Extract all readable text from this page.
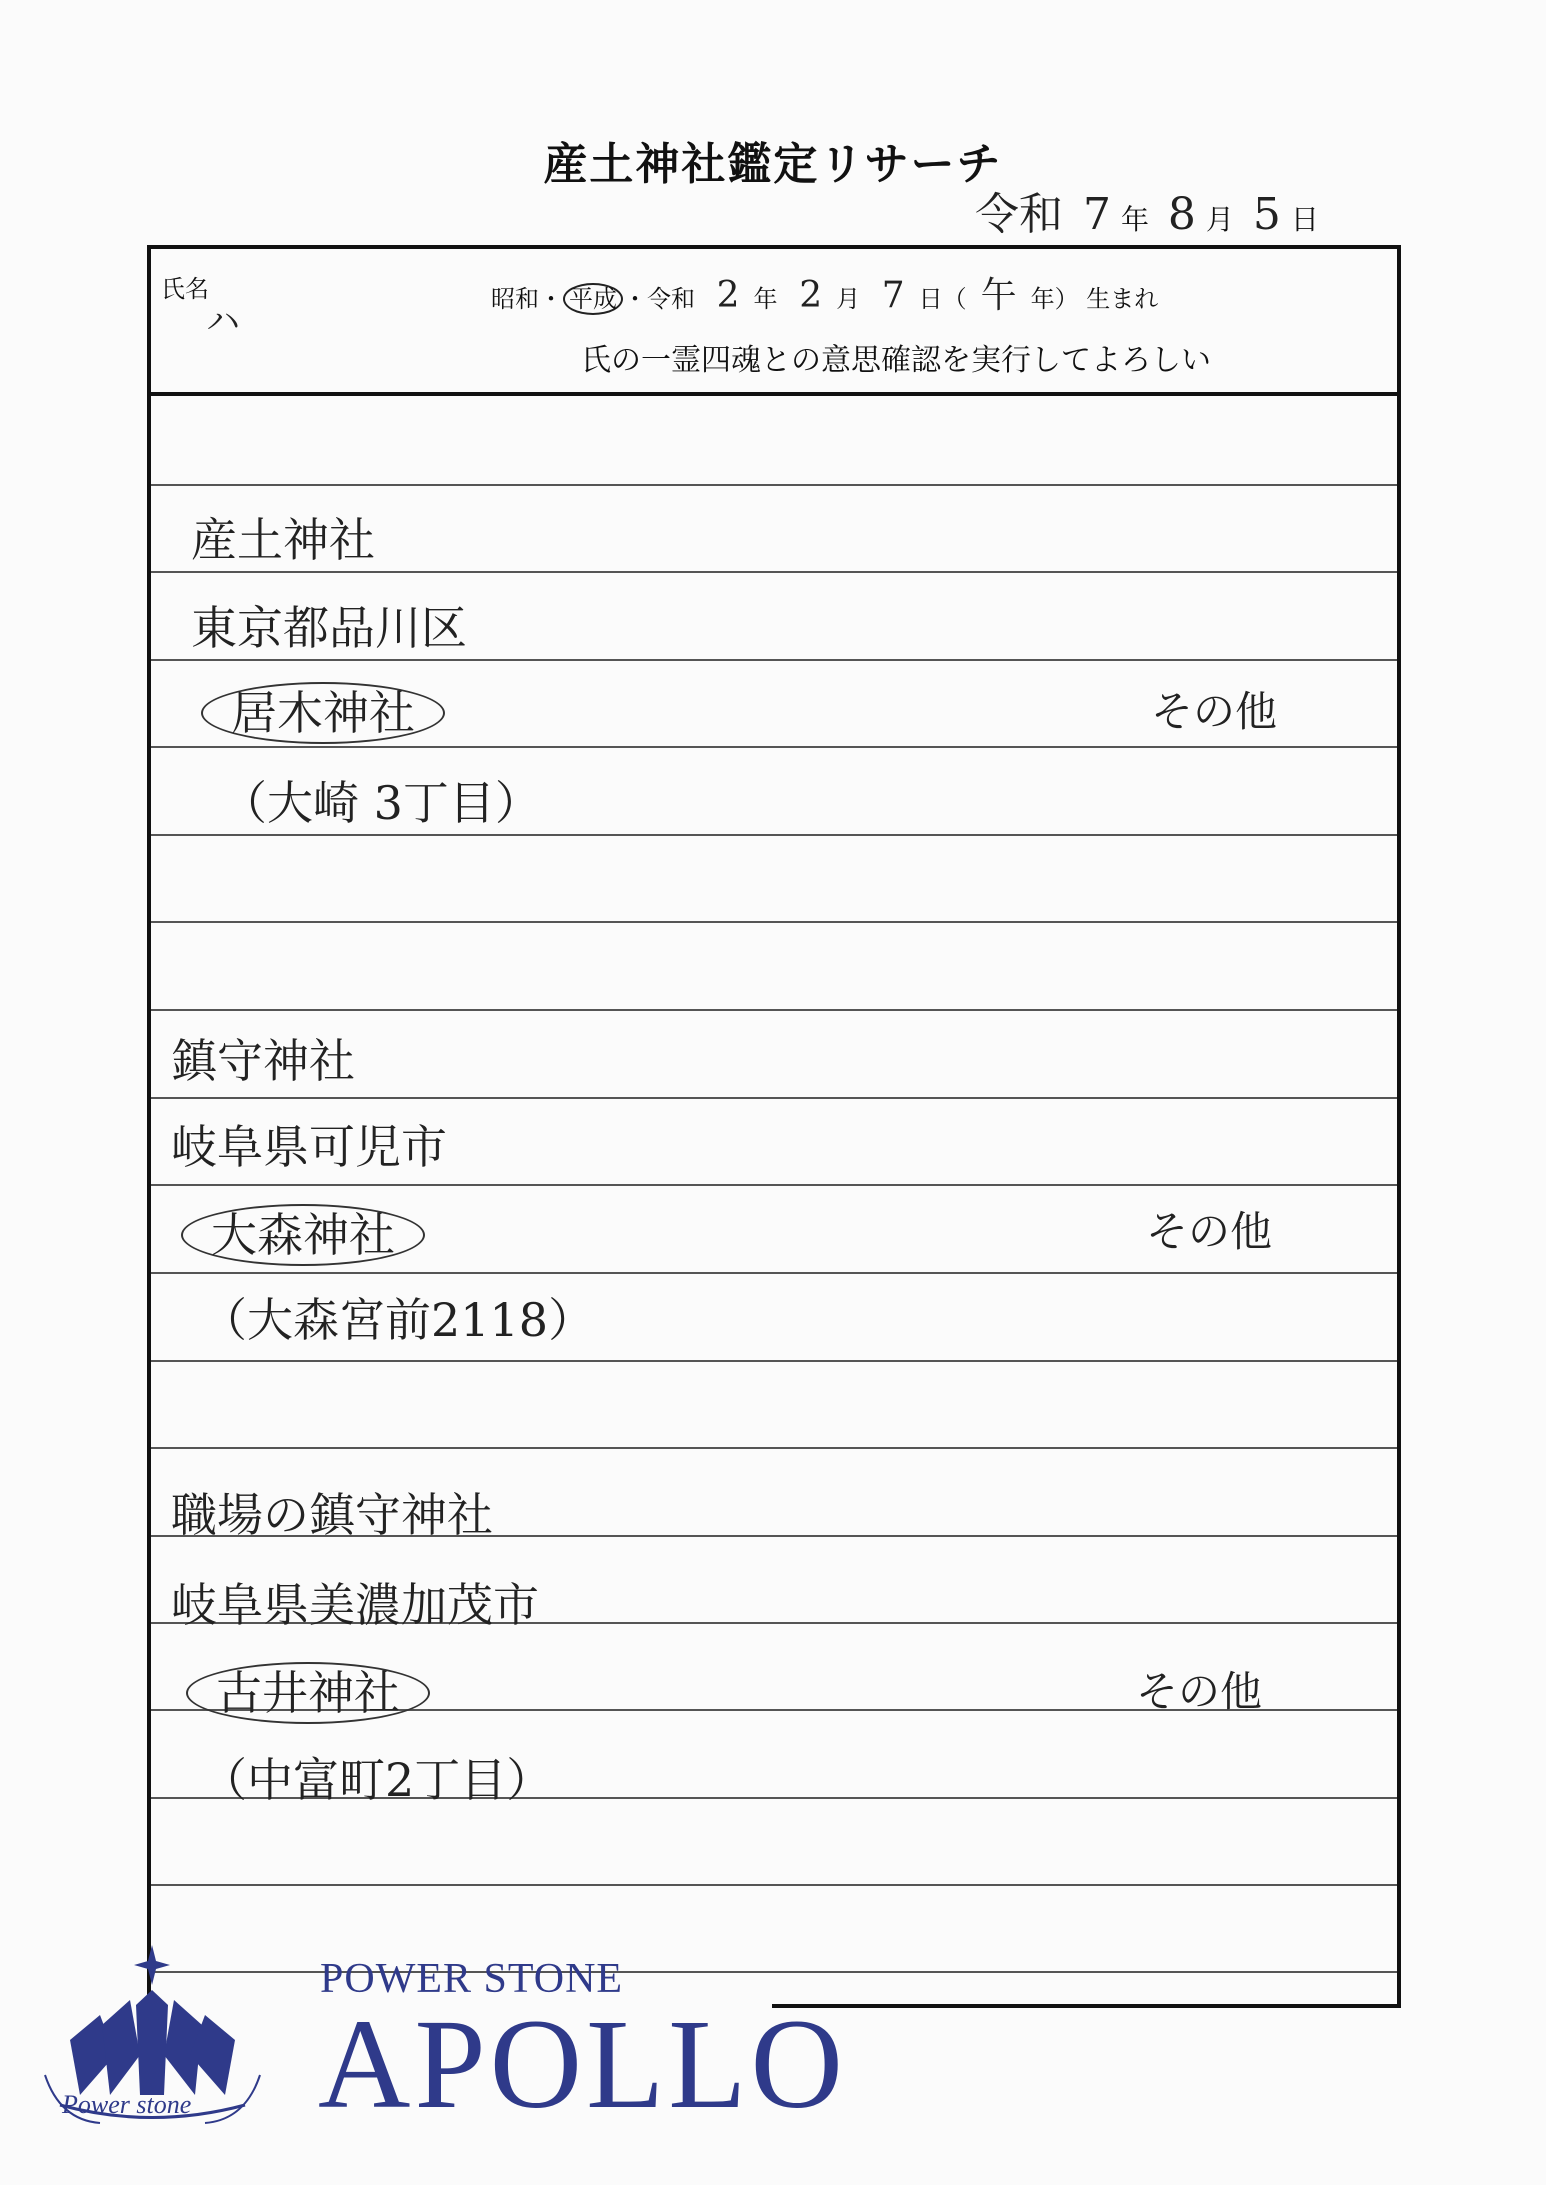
産土神社鑑定リサーチ
令和 7 年 8 月 5 日
氏名
ハ
昭和・ 平成 ・令和 2 年 2 月 7 日（ 午 年） 生まれ
氏の一霊四魂との意思確認を実行してよろしい
産土神社
東京都品川区
居木神社
（大崎 3丁目）
その他
鎮守神社
岐阜県可児市
大森神社
（大森宮前2118）
その他
職場の鎮守神社
岐阜県美濃加茂市
古井神社
（中富町2丁目）
その他
Power stone
POWER STONE
APOLLO
